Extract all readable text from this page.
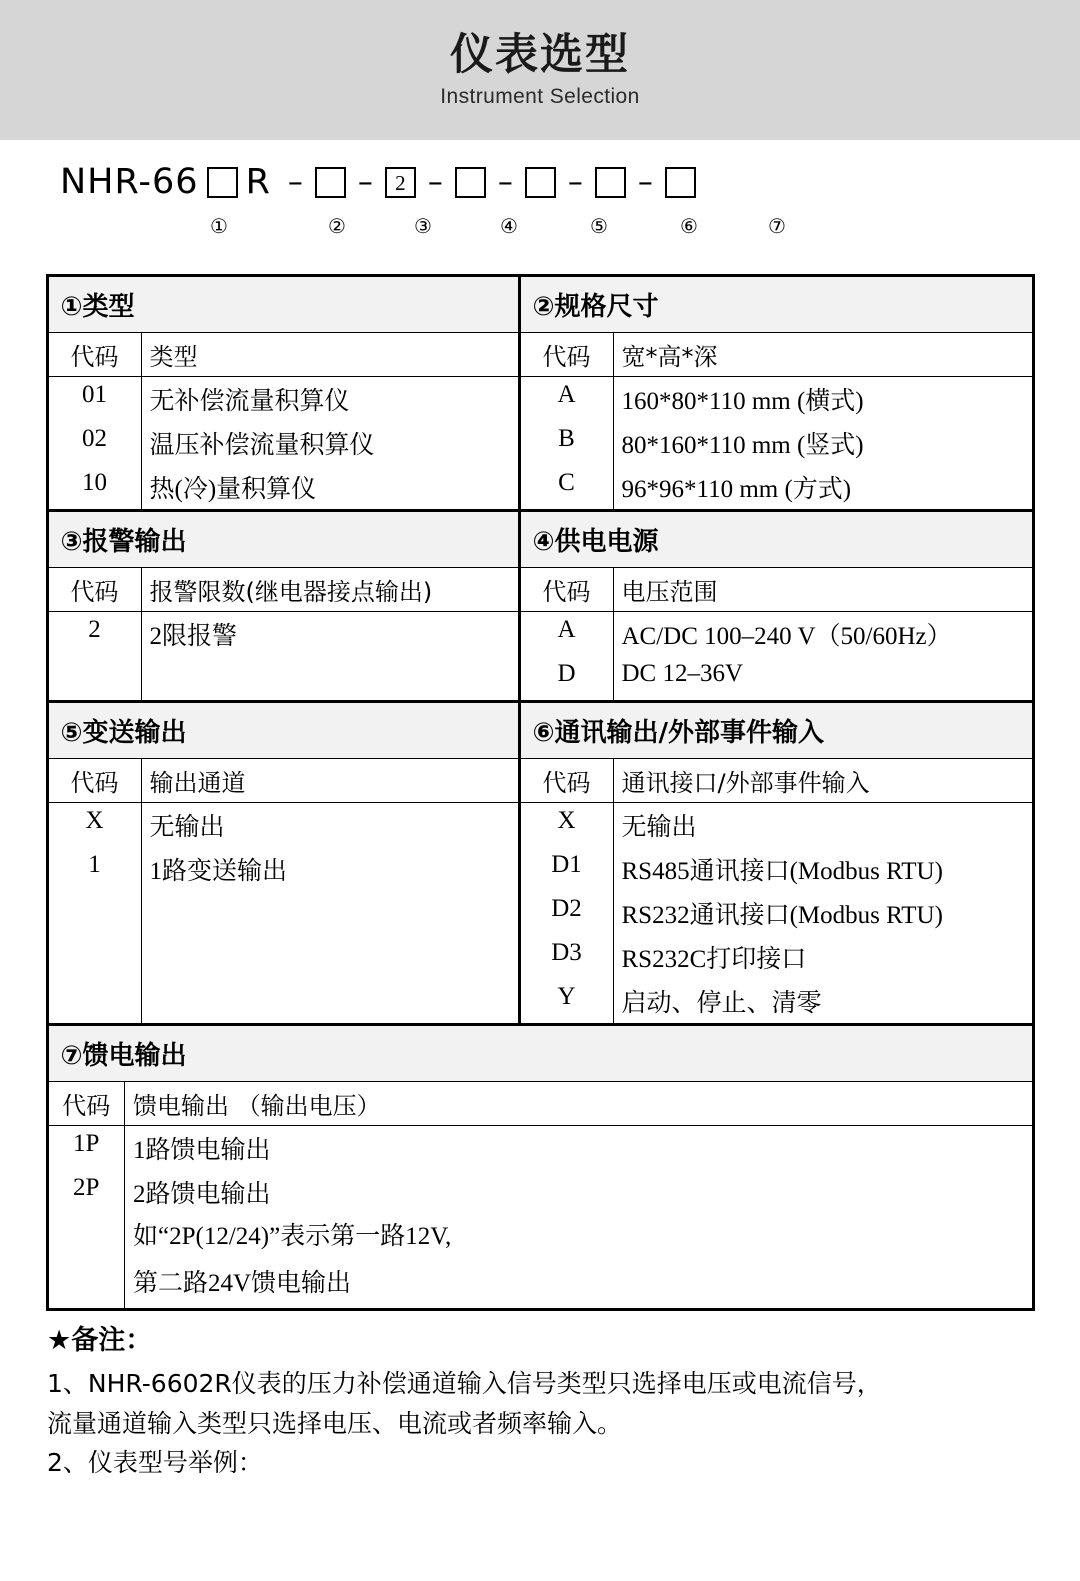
仪表选型
Instrument Selection
NHR-66 R – –	2 – – – –
①	②	③	④	⑤	⑥	⑦
①类型
代码	类型
01	无补偿流量积算仪
02	温压补偿流量积算仪
10	热(冷)量积算仪

②规格尺寸
代码	宽*高*深
A	160*80*110 mm (横式)
B	80*160*110 mm (竖式)
C	96*96*110 mm (方式)

③报警输出
代码	报警限数(继电器接点输出)
2	2限报警

④供电电源
代码	电压范围
A	AC/DC 100–240 V（50/60Hz）
D	DC 12–36V

⑤变送输出
代码	输出通道
X	无输出
1	1路变送输出

⑥通讯输出/外部事件输入
代码	通讯接口/外部事件输入
X	无输出
D1	RS485通讯接口(Modbus RTU)
D2	RS232通讯接口(Modbus RTU)
D3	RS232C打印接口
Y	启动、停止、清零

⑦馈电输出
代码	馈电输出 （输出电压）
1P	1路馈电输出
2P	2路馈电输出
	如“2P(12/24)”表示第一路12V,
	第二路24V馈电输出
★备注：

1、NHR-6602R仪表的压力补偿通道输入信号类型只选择电压或电流信号，

流量通道输入类型只选择电压、电流或者频率输入。

2、仪表型号举例：
